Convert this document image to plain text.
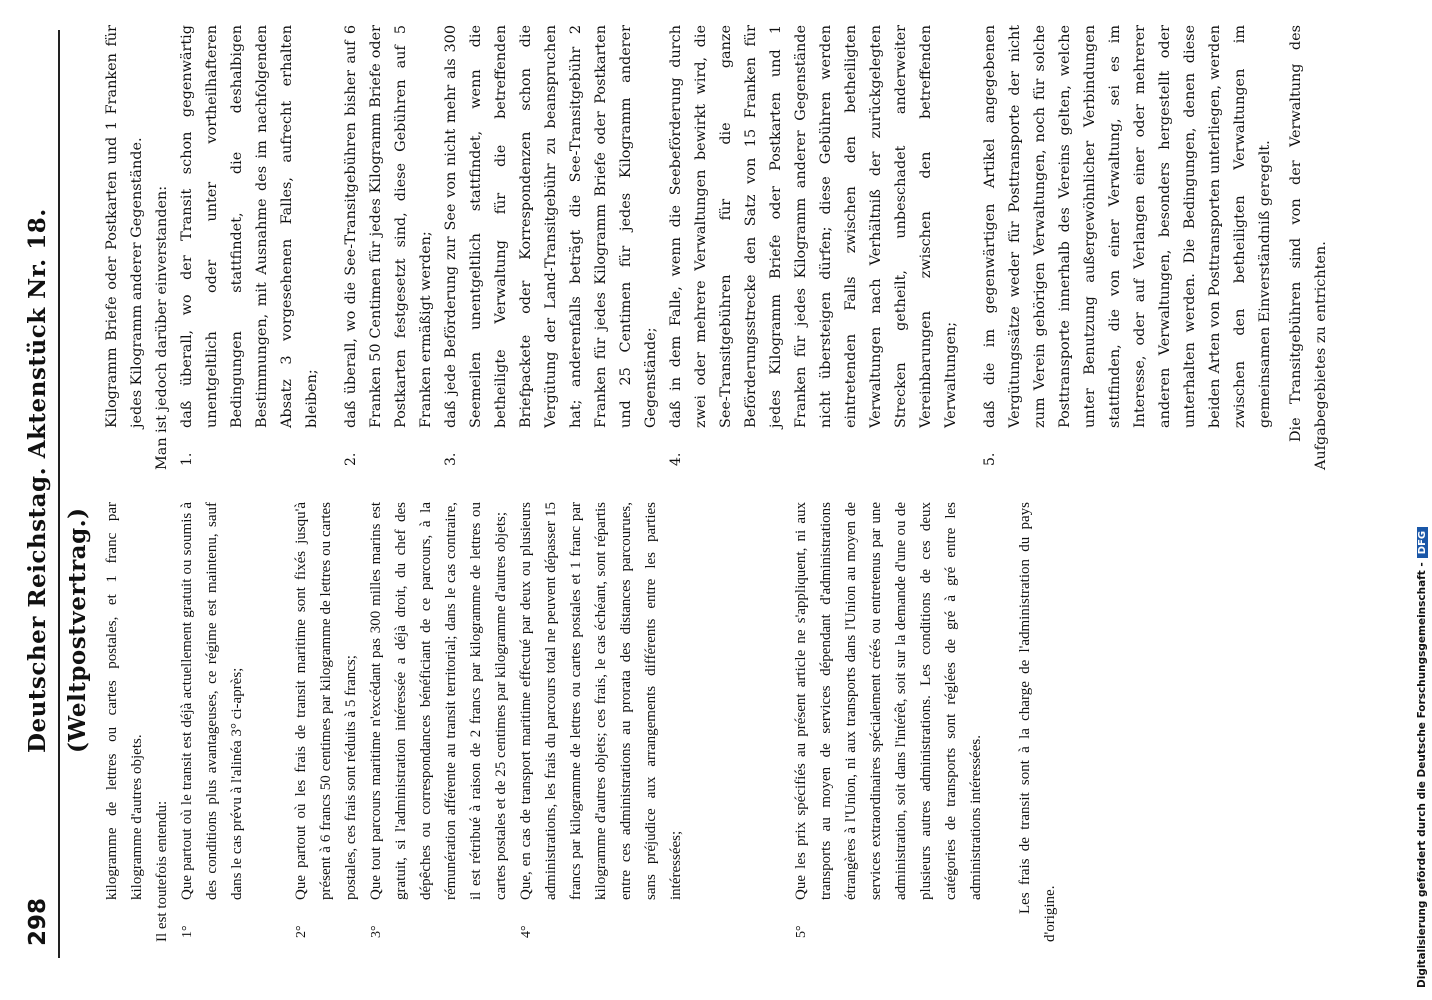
298
Deutscher Reichstag. Aktenstück Nr. 18. (Weltpostvertrag.) kilogramme de lettres ou cartes postales, et 1 franc par kilogramme d'autres objets. Il est toutefois entendu: 1°
Que partout où le transit est déjà actuellement gratuit ou soumis à des conditions plus avantageuses, ce régime est maintenu, sauf dans le cas prévu à l'alinéa 3° ci-après;
2°
Que partout où les frais de transit maritime sont fixés jusqu'à présent à 6 francs 50 centimes par kilogramme de lettres ou cartes postales, ces frais sont réduits à 5 francs;
3°
Que tout parcours maritime n'excédant pas 300 milles marins est gratuit, si l'administration intéressée a déjà droit, du chef des dépêches ou correspondances bénéficiant de ce parcours, à la rémunération afférente au transit territorial; dans le cas contraire, il est rétribué à raison de 2 francs par kilogramme de lettres ou cartes postales et de 25 centimes par kilogramme d'autres objets;
4°
Que, en cas de transport maritime effectué par deux ou plusieurs administrations, les frais du parcours total ne peuvent dépasser 15 francs par kilogramme de lettres ou cartes postales et 1 franc par kilogramme d'autres objets; ces frais, le cas échéant, sont répartis entre ces administrations au prorata des distances parcourues, sans préjudice aux arrangements différents entre les parties intéressées;
5°
Que les prix spécifiés au présent article ne s'appliquent, ni aux transports au moyen de services dépendant d'administrations étrangères à l'Union, ni aux transports dans l'Union au moyen de services extraordinaires spécialement créés ou entretenus par une administration, soit dans l'intérêt, soit sur la demande d'une ou de plusieurs autres administrations. Les conditions de ces deux catégories de transports sont réglées de gré à gré entre les administrations intéressées.	Les frais de transit sont à la charge de l'administration du pays d'origine.

Kilogramm Briefe oder Postkarten und 1 Franken für jedes Kilogramm anderer Gegenstände. Man ist jedoch darüber einverstanden: 1.
daß überall, wo der Transit schon gegenwärtig unentgeltlich oder unter vortheilhafteren Bedingungen stattfindet, die deshalbigen Bestimmungen, mit Ausnahme des im nachfolgenden Absatz 3 vorgesehenen Falles, aufrecht erhalten bleiben;
2.
daß überall, wo die See-Transitgebühren bisher auf 6 Franken 50 Centimen für jedes Kilogramm Briefe oder Postkarten festgesetzt sind, diese Gebühren auf 5 Franken ermäßigt werden;
3.
daß jede Beförderung zur See von nicht mehr als 300 Seemeilen unentgeltlich stattfindet, wenn die betheiligte Verwaltung für die betreffenden Briefpackete oder Korrespondenzen schon die Vergütung der Land-Transitgebühr zu beanspruchen hat; anderenfalls beträgt die See-Transitgebühr 2 Franken für jedes Kilogramm Briefe oder Postkarten und 25 Centimen für jedes Kilogramm anderer Gegenstände;
4.
daß in dem Falle, wenn die Seebeförderung durch zwei oder mehrere Verwaltungen bewirkt wird, die See-Transitgebühren für die ganze Beförderungsstrecke den Satz von 15 Franken für jedes Kilogramm Briefe oder Postkarten und 1 Franken für jedes Kilogramm anderer Gegenstände nicht übersteigen dürfen; diese Gebühren werden eintretenden Falls zwischen den betheiligten Verwaltungen nach Verhältniß der zurückgelegten Strecken getheilt, unbeschadet anderweiter Vereinbarungen zwischen den betreffenden Verwaltungen;
5.
daß die im gegenwärtigen Artikel angegebenen Vergütungssätze weder für Posttransporte der nicht zum Verein gehörigen Verwaltungen, noch für solche Posttransporte innerhalb des Vereins gelten, welche unter Benutzung außergewöhnlicher Verbindungen stattfinden, die von einer Verwaltung, sei es im Interesse, oder auf Verlangen einer oder mehrerer anderen Verwaltungen, besonders hergestellt oder unterhalten werden. Die Bedingungen, denen diese beiden Arten von Posttransporten unterliegen, werden zwischen den betheiligten Verwaltungen im gemeinsamen Einverständniß geregelt.	Die Transitgebühren sind von der Verwaltung des Aufgabegebietes zu entrichten.

Digitalisierung gefördert durch die Deutsche Forschungsgemeinschaft -DFG
